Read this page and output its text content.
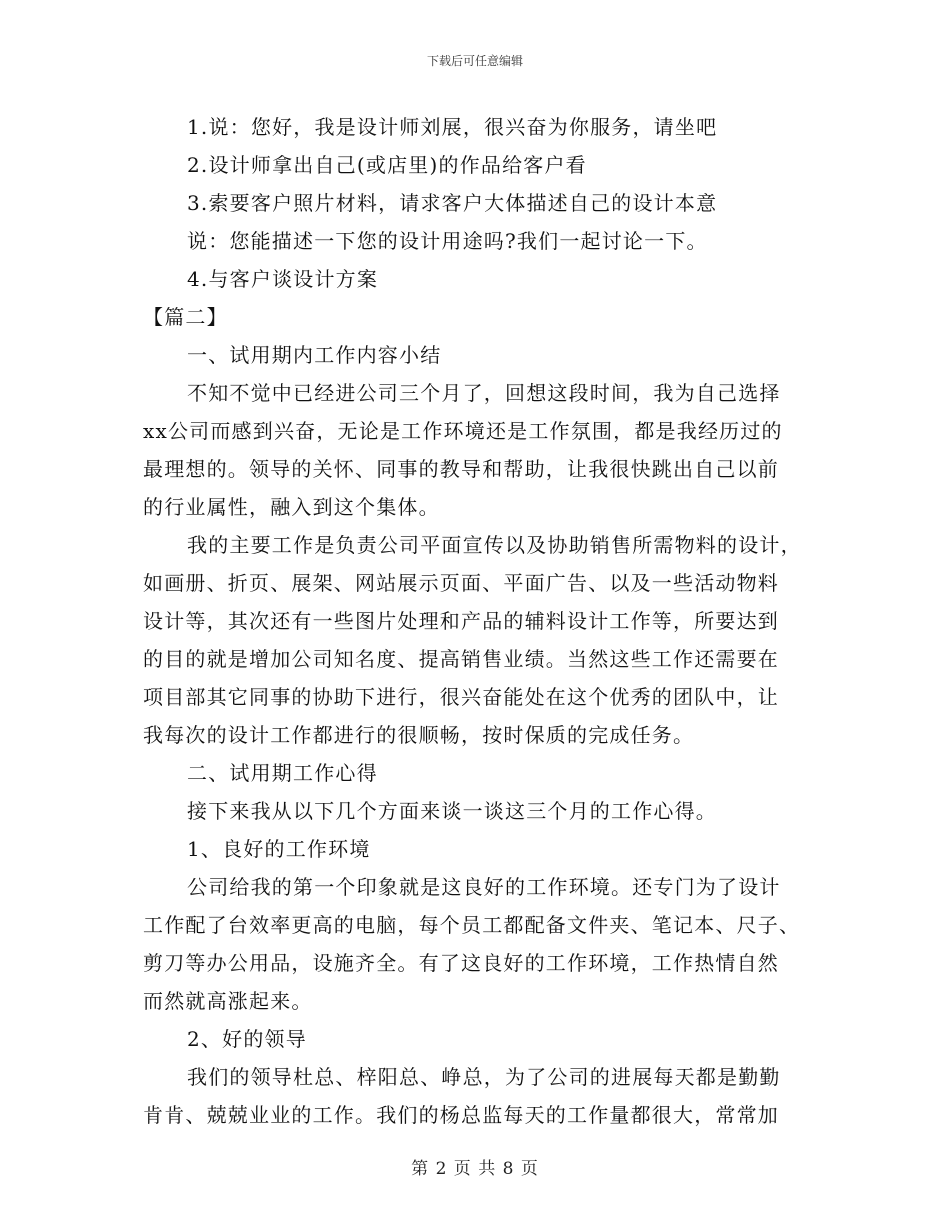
下载后可任意编辑
1.说：您好，我是设计师刘展，很兴奋为你服务，请坐吧
2.设计师拿出自己(或店里)的作品给客户看
3.索要客户照片材料，请求客户大体描述自己的设计本意
说：您能描述一下您的设计用途吗?我们一起讨论一下。
4.与客户谈设计方案
【篇二】
一、试用期内工作内容小结
不知不觉中已经进公司三个月了，回想这段时间，我为自己选择
xx公司而感到兴奋，无论是工作环境还是工作氛围，都是我经历过的
最理想的。领导的关怀、同事的教导和帮助，让我很快跳出自己以前
的行业属性，融入到这个集体。
我的主要工作是负责公司平面宣传以及协助销售所需物料的设计，
如画册、折页、展架、网站展示页面、平面广告、以及一些活动物料
设计等，其次还有一些图片处理和产品的辅料设计工作等，所要达到
的目的就是增加公司知名度、提高销售业绩。当然这些工作还需要在
项目部其它同事的协助下进行，很兴奋能处在这个优秀的团队中，让
我每次的设计工作都进行的很顺畅，按时保质的完成任务。
二、试用期工作心得
接下来我从以下几个方面来谈一谈这三个月的工作心得。
1、良好的工作环境
公司给我的第一个印象就是这良好的工作环境。还专门为了设计
工作配了台效率更高的电脑，每个员工都配备文件夹、笔记本、尺子、
剪刀等办公用品，设施齐全。有了这良好的工作环境，工作热情自然
而然就高涨起来。
2、好的领导
我们的领导杜总、梓阳总、峥总，为了公司的进展每天都是勤勤
肯肯、兢兢业业的工作。我们的杨总监每天的工作量都很大，常常加
第 2 页 共 8 页
